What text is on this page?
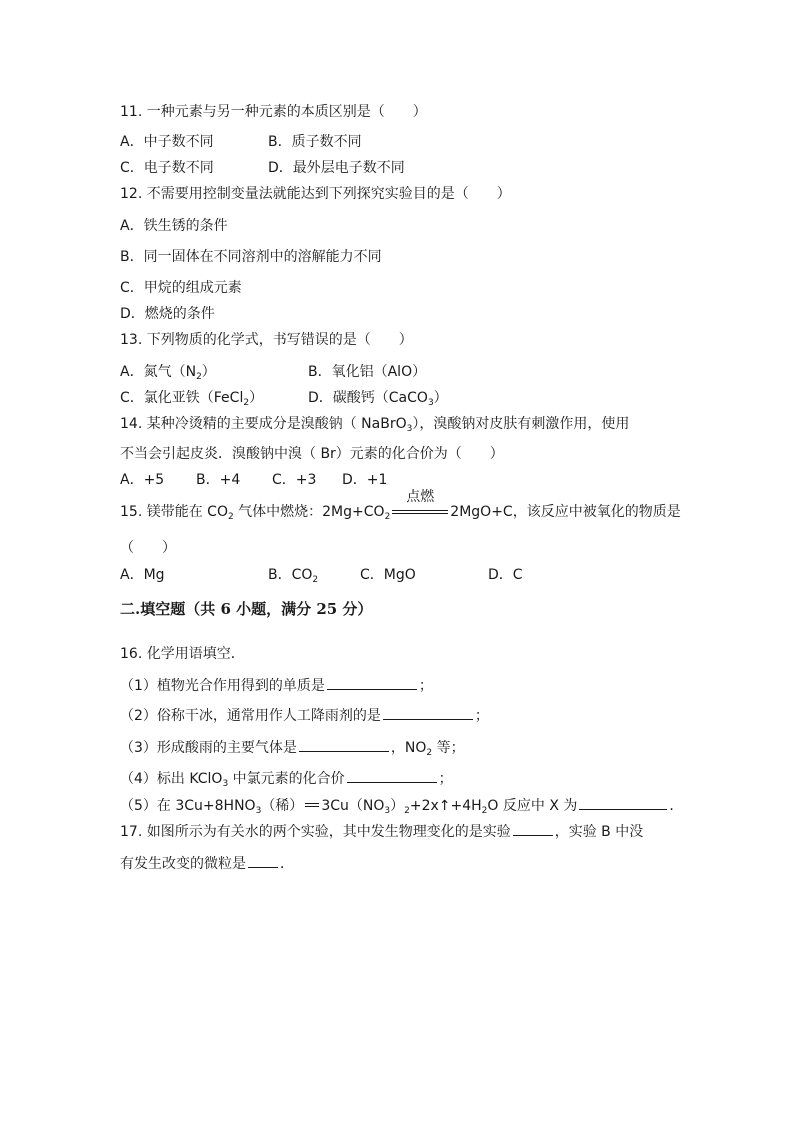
11. 一种元素与另一种元素的本质区别是（　　）
A．中子数不同	B．质子数不同
C．电子数不同	D．最外层电子数不同
12. 不需要用控制变量法就能达到下列探究实验目的是（　　）
A．铁生锈的条件
B．同一固体在不同溶剂中的溶解能力不同
C．甲烷的组成元素
D．燃烧的条件
13. 下列物质的化学式，书写错误的是（　　）
A．氮气$(N_2)$	B．氧化铝（AlO）
C．氯化亚铁（FeCl$_2$）	D．碳酸钙（CaCO$_3$）
14. 某种冷烫精的主要成分是溴酸钠（ NaBrO$_3$），溴酸钠对皮肤有刺激作用，使用
不当会引起皮炎．溴酸钠中溴（ Br）元素的化合价为（　　）
A．+5 B．+4 C．+3 D．+1
15. 镁带能在 $CO_2$ 气体中燃烧：$2Mg+CO_2$
点燃
2MgO+C，该反应中被氧化的物质是
（　　）
A．Mg	B．$CO_2$	C．MgO	D．C
二.填空题（共 6 小题，满分 25 分）
16. 化学用语填空．
（1）植物光合作用得到的单质是	；
（2）俗称干冰，通常用作人工降雨剂的是	；
（3）形成酸雨的主要气体是	，$NO_2$ 等；
（4）标出 KClO$_3$ 中氯元素的化合价	；
（5）在 $3Cu+8HNO_3$（稀） $3Cu(NO_3)_2+2x↑+4H_2O$ 反应中 X 为	．
17. 如图所示为有关水的两个实验，其中发生物理变化的是实验	，实验 B 中没
有发生改变的微粒是 ．
